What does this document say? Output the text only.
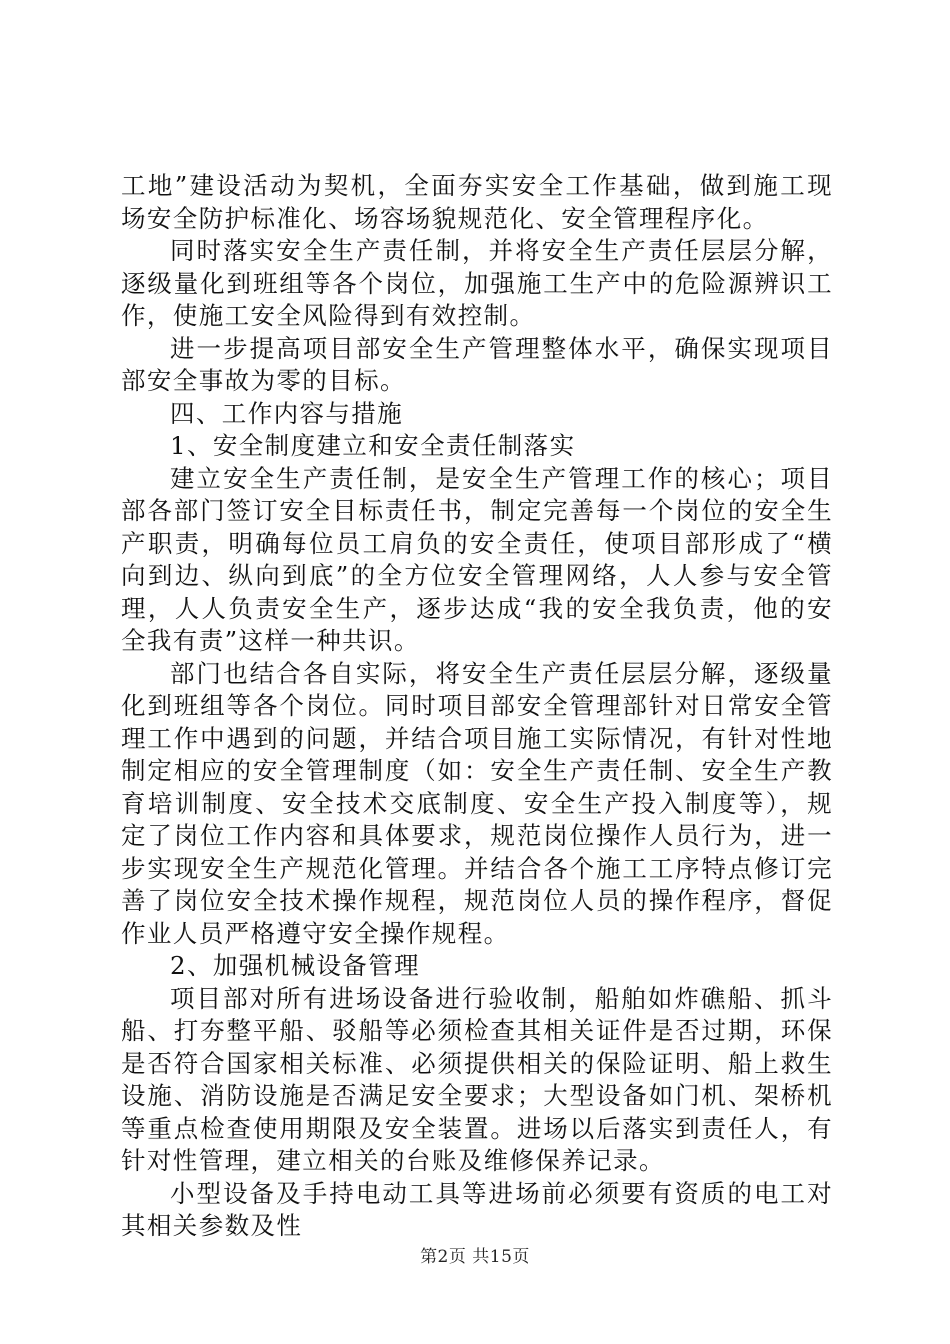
工地”建设活动为契机，全面夯实安全工作基础，做到施工现场安全防护标准化、场容场貌规范化、安全管理程序化。

同时落实安全生产责任制，并将安全生产责任层层分解，逐级量化到班组等各个岗位，加强施工生产中的危险源辨识工作，使施工安全风险得到有效控制。

进一步提高项目部安全生产管理整体水平，确保实现项目部安全事故为零的目标。

四、工作内容与措施

1、安全制度建立和安全责任制落实

建立安全生产责任制，是安全生产管理工作的核心；项目部各部门签订安全目标责任书，制定完善每一个岗位的安全生产职责，明确每位员工肩负的安全责任，使项目部形成了“横向到边、纵向到底”的全方位安全管理网络，人人参与安全管理，人人负责安全生产，逐步达成“我的安全我负责，他的安全我有责”这样一种共识。

部门也结合各自实际，将安全生产责任层层分解，逐级量化到班组等各个岗位。同时项目部安全管理部针对日常安全管理工作中遇到的问题，并结合项目施工实际情况，有针对性地制定相应的安全管理制度（如：安全生产责任制、安全生产教育培训制度、安全技术交底制度、安全生产投入制度等），规定了岗位工作内容和具体要求，规范岗位操作人员行为，进一步实现安全生产规范化管理。并结合各个施工工序特点修订完善了岗位安全技术操作规程，规范岗位人员的操作程序，督促作业人员严格遵守安全操作规程。

2、加强机械设备管理

项目部对所有进场设备进行验收制，船舶如炸礁船、抓斗船、打夯整平船、驳船等必须检查其相关证件是否过期，环保是否符合国家相关标准、必须提供相关的保险证明、船上救生设施、消防设施是否满足安全要求；大型设备如门机、架桥机等重点检查使用期限及安全装置。进场以后落实到责任人，有针对性管理，建立相关的台账及维修保养记录。

小型设备及手持电动工具等进场前必须要有资质的电工对其相关参数及性

第2页 共15页
